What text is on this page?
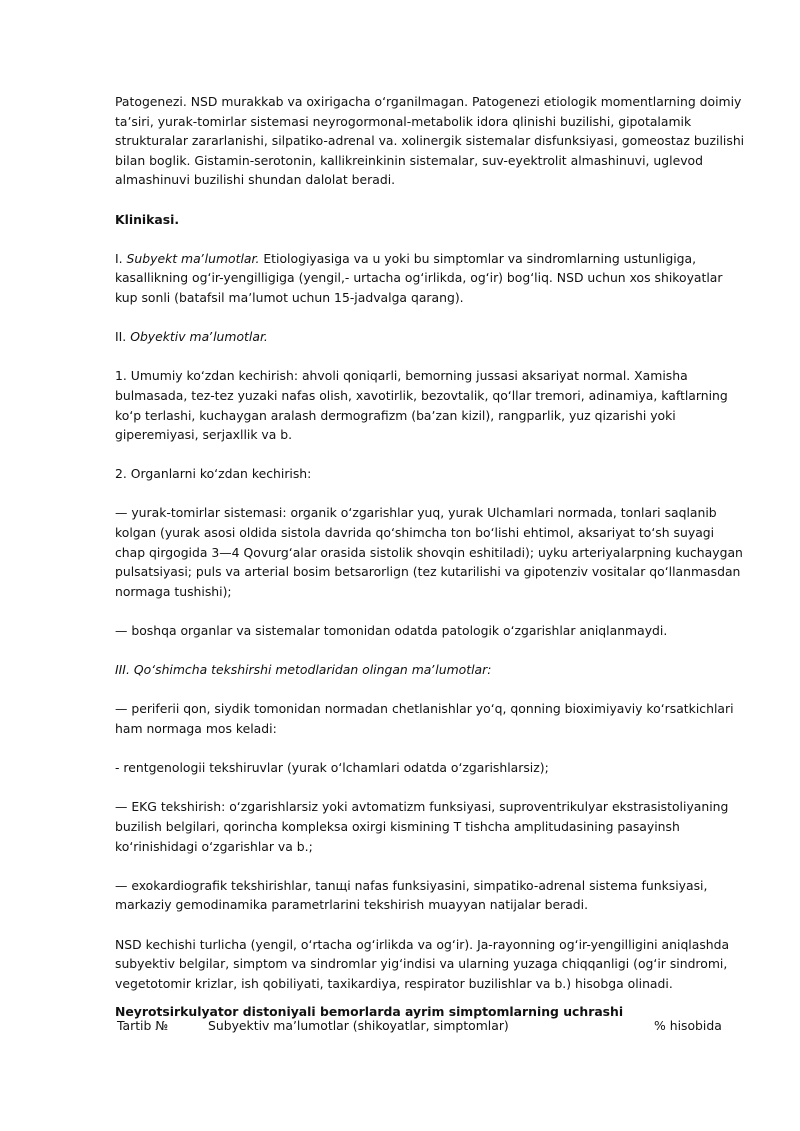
Patogenezi. NSD murakkab va oxirigacha oʻrganilmagan. Patogenezi etiologik momentlarning doimiy taʼsiri, yurak-tomirlar sistemasi neyrogormonal-metabolik idora qlinishi buzilishi, gipotalamik strukturalar zararlanishi, silpatiko-adrenal va. xolinergik sistemalar disfunksiyasi, gomeostaz buzilishi bilan boglik. Gistamin-serotonin, kallikreinkinin sistemalar, suv-eyektrolit almashinuvi, uglevod almashinuvi buzilishi shundan dalolat beradi.

Klinikasi.

I. Subyekt maʼlumotlar. Etiologiyasiga va u yoki bu simptomlar va sindromlarning ustunligiga, kasallikning ogʻir-yengilligiga (yengil,- urtacha ogʻirlikda, ogʻir) bogʻliq. NSD uchun xos shikoyatlar kup sonli (batafsil maʼlumot uchun 15-jadvalga qarang).

II. Obyektiv maʼlumotlar.

1. Umumiy koʻzdan kechirish: ahvoli qoniqarli, bemorning jussasi aksariyat normal. Xamisha bulmasada, tez-tez yuzaki nafas olish, xavotirlik, bezovtalik, qoʻllar tremori, adinamiya, kaftlarning koʻp terlashi, kuchaygan aralash dermografizm (baʼzan kizil), rangparlik, yuz qizarishi yoki giperemiyasi, serjaxllik va b.

2. Organlarni koʻzdan kechirish:

— yurak-tomirlar sistemasi: organik oʻzgarishlar yuq, yurak Ulchamlari normada, tonlari saqlanib kolgan (yurak asosi oldida sistola davrida qoʻshimcha ton boʻlishi ehtimol, aksariyat toʻsh suyagi chap qirgogida 3—4 Qovurgʻalar orasida sistolik shovqin eshitiladi); uyku arteriyalarpning kuchaygan pulsatsiyasi; puls va arterial bosim betsarorlign (tez kutarilishi va gipotenziv vositalar qoʻllanmasdan normaga tushishi);

— boshqa organlar va sistemalar tomonidan odatda patologik oʻzgarishlar aniqlanmaydi.

III. Qoʻshimcha tekshirshi metodlaridan olingan maʼlumotlar:

— periferii qon, siydik tomonidan normadan chetlanishlar yoʻq, qonning bioximiyaviy koʻrsatkichlari ham normaga mos keladi:

- rentgenologii tekshiruvlar (yurak oʻlchamlari odatda oʻzgarishlarsiz);

— EKG tekshirish: oʻzgarishlarsiz yoki avtomatizm funksiyasi, suproventrikulyar ekstrasistoliyaning buzilish belgilari, qorincha kompleksa oxirgi kismining T tishcha amplitudasining pasayinsh koʻrinishidagi oʻzgarishlar va b.;

— exokardiografik tekshirishlar, tanщi nafas funksiyasini, simpatiko-adrenal sistema funksiyasi, markaziy gemodinamika parametrlarini tekshirish muayyan natijalar beradi.

NSD kechishi turlicha (yengil, oʻrtacha ogʻirlikda va ogʻir). Ja-rayonning ogʻir-yengilligini aniqlashda subyektiv belgilar, simptom va sindromlar yigʻindisi va ularning yuzaga chiqqanligi (ogʻir sindromi, vegetotomir krizlar, ish qobiliyati, taxikardiya, respirator buzilishlar va b.) hisobga olinadi.

Neyrotsirkulyator distoniyali bemorlarda ayrim simptomlarning uchrashi

Tartib №	Subyektiv maʼlumotlar (shikoyatlar, simptomlar)	% hisobida
